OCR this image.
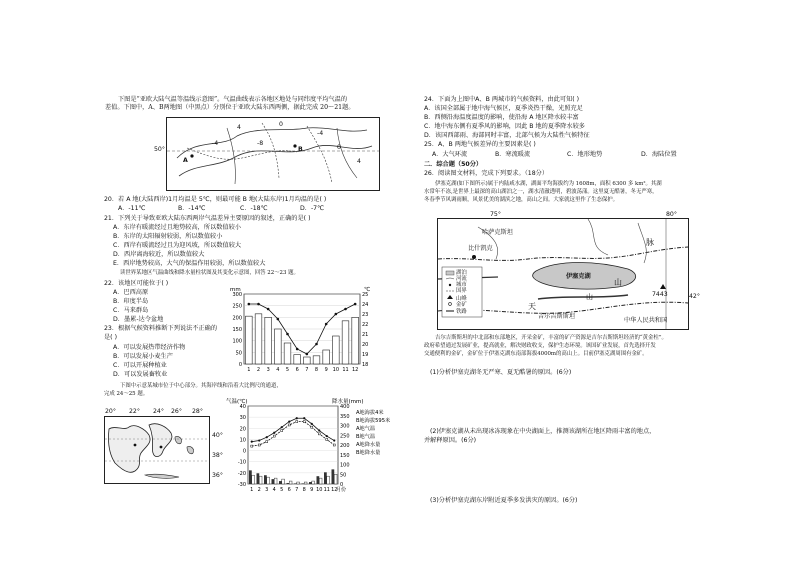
下图是“亚欧大陆气温等温线示意图”。气温曲线表示各地区地处与同纬度平均气温的
差值。下图中，A、B两地图（中黑点）分别位于亚欧大陆东西两侧，据此完成 20～21题。
4	0
-4	-8
-4
0
4
A
B
50°
20．若 A 地(大陆西岸)1月均温是 5℃，则最可能 B 地(大陆东岸)1月均温的是( )
A．-11℃	B．-14℃	C．-18℃	D．-7℃
21．下列关于导致亚欧大陆东西两岸气温差异主要原因的叙述，正确的是( )
A．东岸有暖流经过且地势较高，所以数值较小
B．东岸的太阳辐射较弱，所以数值较小
C．西岸有暖流经过且为迎风坡，所以数值较大
D．西岸离海较近，所以数值较大
E．西岸地势较高，大气的保温作用较弱，所以数值较大
读世界某地区气温曲线和降水量柱状图及其变化示意图，回答 22～23 题。
22．该地区可能位于( )
A．巴西高原
B．印度半岛
C．马来群岛
D．墨累-达令盆地
23．根据气候资料推断下列说法不正确的
是( )
A．可以发展热带经济作物
B．可以发展小麦生产
C．可以开展种植业
D．可以发展畜牧业
mm	℃
300
250
200
150
100
50
0
25
24
23
22
21
20
19
18
1 2 3 4 5 6 7 8 9 10 11 12
下图中示意某城市位于中心部分。其海岸线和沿着大比例尺的通道，
完成 24～25 题。
20° 22° 24° 26° 28°
40°
38°
36°
气温(℃)	降水量(mm)
40
30
20
10
0
-10
-20
-30
400
350
300
250
200
150
100
50
0
1 2 3 4 5 6 7 8 9 10 11 12
月份
A地海拔4米
B地海拔595米
A地气温
B地气温
A地降水量
B地降水量
24．下面为上图中A、B 两城市的气候资料，由此可知( )
A．该国全部属于地中海气候区，夏季炎热干燥，光照充足
B．西侧沿海温度温度的影响，使沿海 A 地区降水较丰富
C．地中海东侧有夏季风的影响，因此 B 地的夏季降水较多
D．该国西部雨、海部同时丰富，北部气候为大陆性气候特征
25．A、B 两地气候差异的主要因素是( )
A．大气环流	B．寒流暖流	C．地形地势	D．海陆位置
二．综合题（50分）
26．阅读图文材料，完成下列要求。（18分）
伊塞克湖(如下图所示)属于内陆咸水湖，湖面平均海拔约为 1608m，面积 6300 多 km²。其湖
水常年不冻,是世界上最深的高山湖泊之一，湖水清澈透明，碧波荡漾。这里夏无酷暑，冬无严寒，
冬春季节风调雨顺，风景优美的湖滨之地，高山之间。大家就这里作了生态保护。
75°	80°
哈萨克斯坦
比什凯克
伊塞克湖
吉尔吉斯斯坦
中华人民共和国
天
山
山
脉
7443
湖泊
河流
城市
国界
山峰
金矿
铁路
42°
吉尔吉斯斯坦的中北部和东部地区，开采金矿，丰富的矿产资源是吉尔吉斯斯坦经济的“黄金柱”。
政府希望通过发展矿业，提高就业，解决财政收支，保护生态环境。该国矿业发展，首先选择开发
交通便利的金矿，金矿位于伊塞克湖东南部海拔4000m的高山上。目前伊塞克湖周围有金矿。
(1)分析伊塞克湖冬无严寒、夏无酷暑的原因。(6分)
(2)伊塞克湖从未出现冰冻现象在中央湖面上，推测该湖所在地区降雨丰富的地点，
并解释原因。(6分)
(3)分析伊塞克湖东岸附近夏季多发洪灾的原因。(6分)
